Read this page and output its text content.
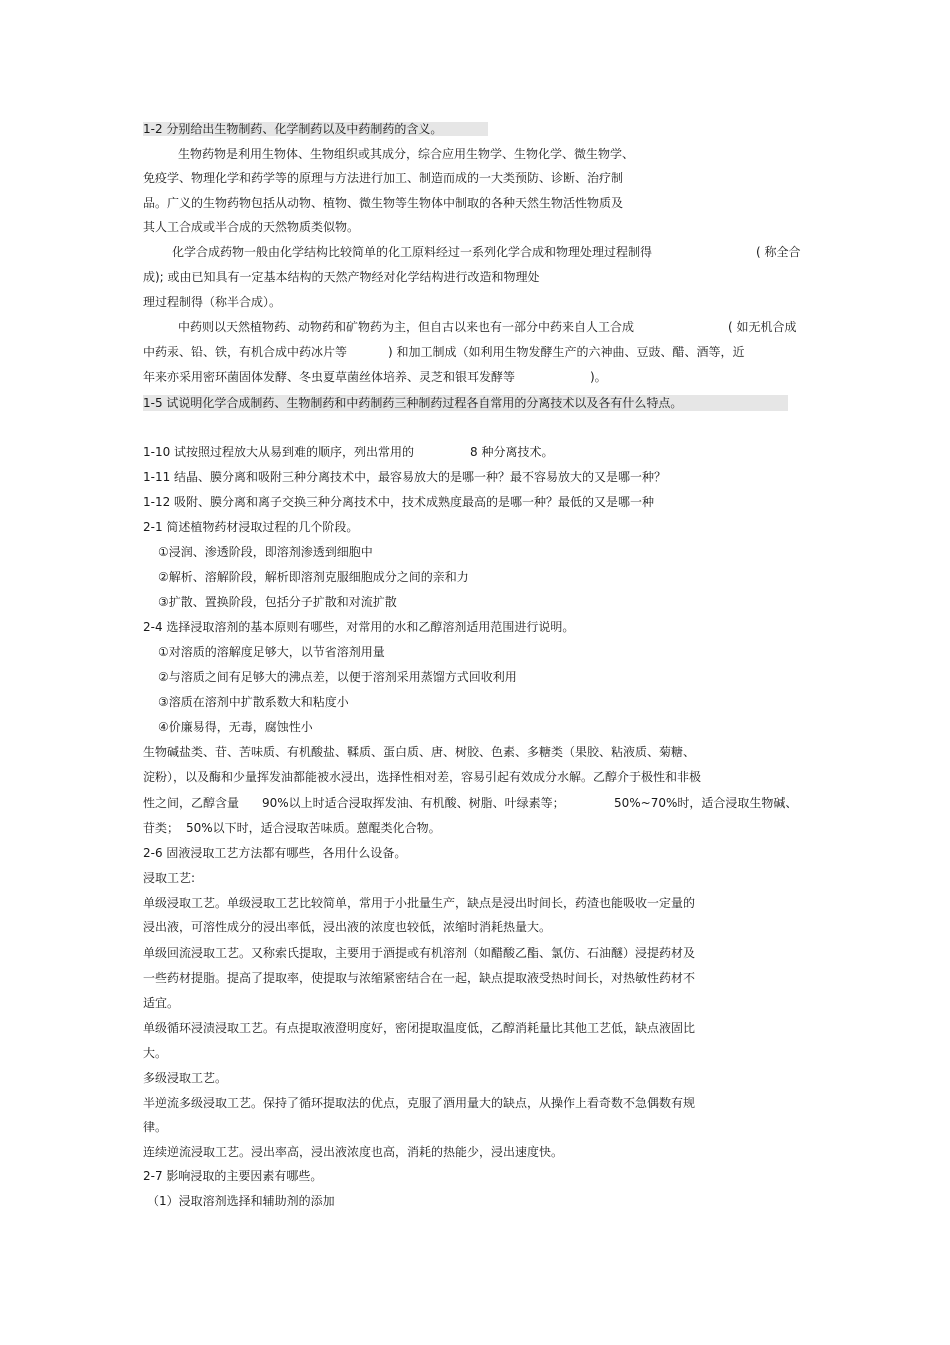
1-2 分别给出生物制药、化学制药以及中药制药的含义。
生物药物是利用生物体、生物组织或其成分，综合应用生物学、生物化学、微生物学、
免疫学、物理化学和药学等的原理与方法进行加工、制造而成的一大类预防、诊断、治疗制
品。广义的生物药物包括从动物、植物、微生物等生物体中制取的各种天然生物活性物质及
其人工合成或半合成的天然物质类似物。
化学合成药物一般由化学结构比较简单的化工原料经过一系列化学合成和物理处理过程制得	( 称全合
成); 或由已知具有一定基本结构的天然产物经对化学结构进行改造和物理处
理过程制得（称半合成）。
中药则以天然植物药、动物药和矿物药为主，但自古以来也有一部分中药来自人工合成	( 如无机合成
中药汞、铅、铁，有机合成中药冰片等	) 和加工制成（如利用生物发酵生产的六神曲、豆豉、醋、酒等，近
年来亦采用密环菌固体发酵、冬虫夏草菌丝体培养、灵芝和银耳发酵等	)。
1-5 试说明化学合成制药、生物制药和中药制药三种制药过程各自常用的分离技术以及各有什么特点。
1-10 试按照过程放大从易到难的顺序，列出常用的	8 种分离技术。
1-11 结晶、膜分离和吸附三种分离技术中，最容易放大的是哪一种？最不容易放大的又是哪一种？
1-12 吸附、膜分离和离子交换三种分离技术中，技术成熟度最高的是哪一种？最低的又是哪一种
2-1 简述植物药材浸取过程的几个阶段。
①浸润、渗透阶段，即溶剂渗透到细胞中
②解析、溶解阶段，解析即溶剂克服细胞成分之间的亲和力
③扩散、置换阶段，包括分子扩散和对流扩散
2-4 选择浸取溶剂的基本原则有哪些，对常用的水和乙醇溶剂适用范围进行说明。
①对溶质的溶解度足够大，以节省溶剂用量
②与溶质之间有足够大的沸点差，以便于溶剂采用蒸馏方式回收利用
③溶质在溶剂中扩散系数大和粘度小
④价廉易得，无毒，腐蚀性小
生物碱盐类、苷、苦味质、有机酸盐、鞣质、蛋白质、唐、树胶、色素、多糖类（果胶、粘液质、菊糖、
淀粉），以及酶和少量挥发油都能被水浸出，选择性相对差，容易引起有效成分水解。乙醇介于极性和非极
性之间，乙醇含量 90%以上时适合浸取挥发油、有机酸、树脂、叶绿素等；	50%~70%时，适合浸取生物碱、
苷类； 50%以下时，适合浸取苦味质。蒽醌类化合物。
2-6 固液浸取工艺方法都有哪些，各用什么设备。
浸取工艺:
单级浸取工艺。单级浸取工艺比较简单，常用于小批量生产，缺点是浸出时间长，药渣也能吸收一定量的
浸出液，可溶性成分的浸出率低，浸出液的浓度也较低，浓缩时消耗热量大。
单级回流浸取工艺。又称索氏提取，主要用于酒提或有机溶剂（如醋酸乙酯、氯仿、石油醚）浸提药材及
一些药材提脂。提高了提取率，使提取与浓缩紧密结合在一起，缺点提取液受热时间长，对热敏性药材不
适宜。
单级循环浸渍浸取工艺。有点提取液澄明度好，密闭提取温度低，乙醇消耗量比其他工艺低，缺点液固比
大。
多级浸取工艺。
半逆流多级浸取工艺。保持了循环提取法的优点，克服了酒用量大的缺点，从操作上看奇数不急偶数有规
律。
连续逆流浸取工艺。浸出率高，浸出液浓度也高，消耗的热能少，浸出速度快。
2-7 影响浸取的主要因素有哪些。
（1）浸取溶剂选择和辅助剂的添加
